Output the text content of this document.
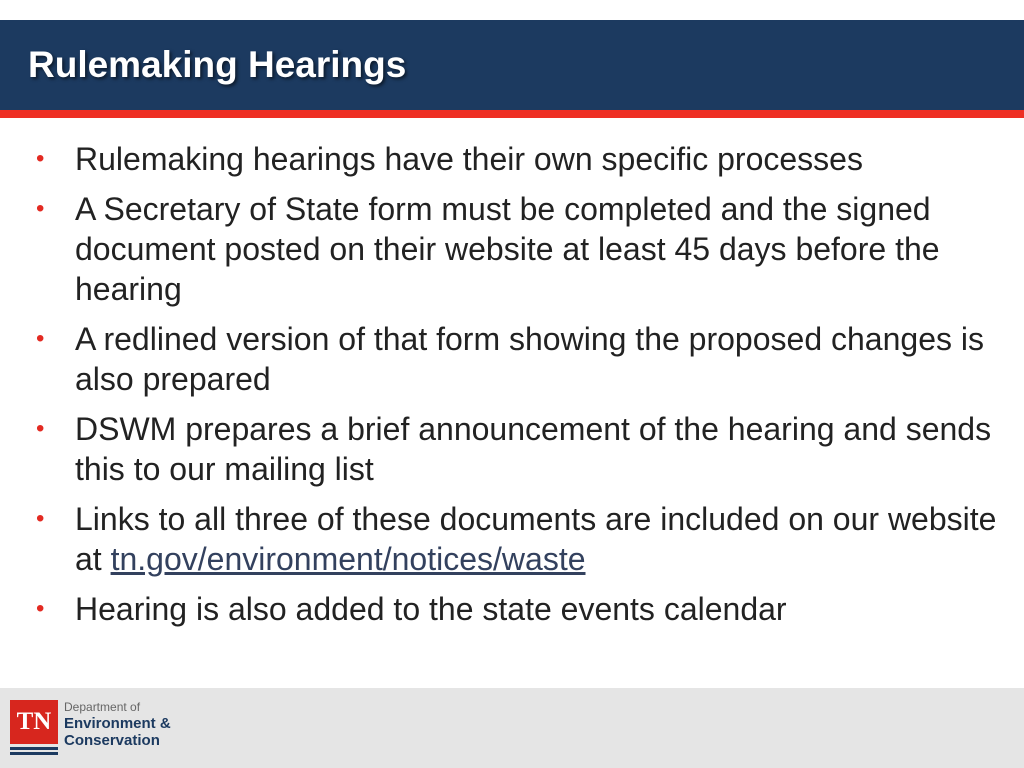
Rulemaking Hearings
• Rulemaking hearings have their own specific processes
• A Secretary of State form must be completed and the signed document posted on their website at least 45 days before the hearing
• A redlined version of that form showing the proposed changes is also prepared
• DSWM prepares a brief announcement of the hearing and sends this to our mailing list
• Links to all three of these documents are included on our website at tn.gov/environment/notices/waste
• Hearing is also added to the state events calendar
TN
Department of
Environment &
Conservation
